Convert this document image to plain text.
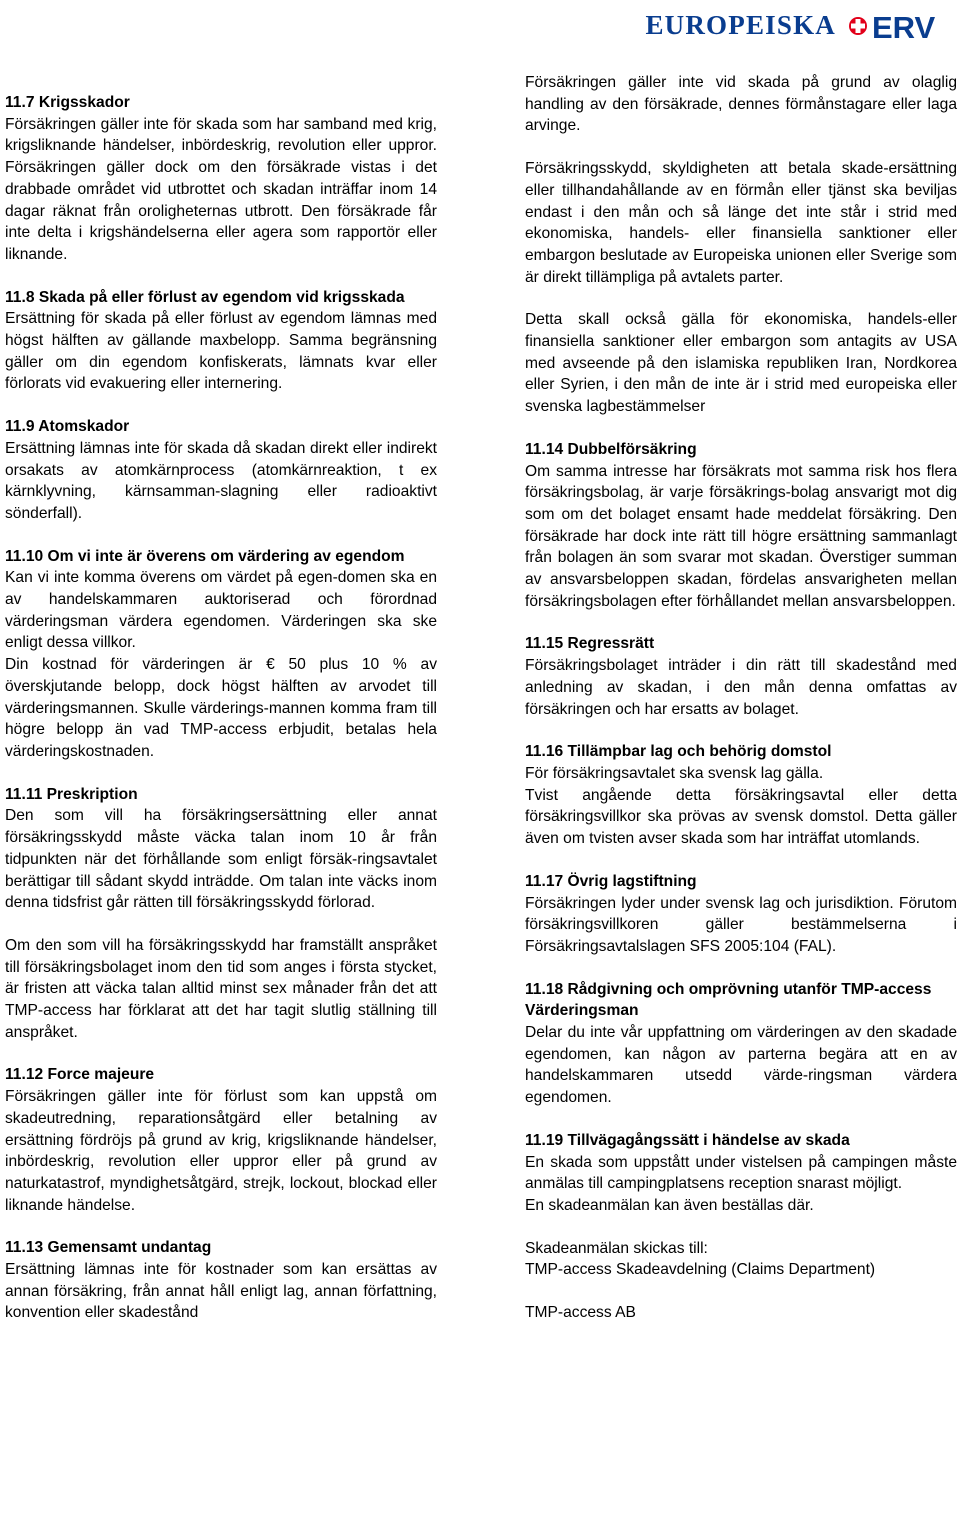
EUROPEISKA ERV

11.7 Krigsskador

Försäkringen gäller inte för skada som har samband med krig, krigsliknande händelser, inbördeskrig, revolution eller uppror. Försäkringen gäller dock om den försäkrade vistas i det drabbade området vid utbrottet och skadan inträffar inom 14 dagar räknat från oroligheternas utbrott. Den försäkrade får inte delta i krigshändelserna eller agera som rapportör eller liknande.

11.8 Skada på eller förlust av egendom vid krigsskada

Ersättning för skada på eller förlust av egendom lämnas med högst hälften av gällande maxbelopp. Samma begränsning gäller om din egendom konfiskerats, lämnats kvar eller förlorats vid evakuering eller internering.

11.9 Atomskador

Ersättning lämnas inte för skada då skadan direkt eller indirekt orsakats av atomkärnprocess (atomkärnreaktion, t ex kärnklyvning, kärnsamman-slagning eller radioaktivt sönderfall).

11.10 Om vi inte är överens om värdering av egendom

Kan vi inte komma överens om värdet på egen-domen ska en av handelskammaren auktoriserad och förordnad värderingsman värdera egendomen. Värderingen ska ske enligt dessa villkor.

Din kostnad för värderingen är € 50 plus 10 % av överskjutande belopp, dock högst hälften av arvodet till värderingsmannen. Skulle värderings-mannen komma fram till högre belopp än vad TMP-access erbjudit, betalas hela värderingskostnaden.

11.11 Preskription

Den som vill ha försäkringsersättning eller annat försäkringsskydd måste väcka talan inom 10 år från tidpunkten när det förhållande som enligt försäk-ringsavtalet berättigar till sådant skydd inträdde. Om talan inte väcks inom denna tidsfrist går rätten till försäkringsskydd förlorad.

Om den som vill ha försäkringsskydd har framställt anspråket till försäkringsbolaget inom den tid som anges i första stycket, är fristen att väcka talan alltid minst sex månader från det att TMP-access har förklarat att det har tagit slutlig ställning till anspråket.

11.12 Force majeure

Försäkringen gäller inte för förlust som kan uppstå om skadeutredning, reparationsåtgärd eller betalning av ersättning fördröjs på grund av krig, krigsliknande händelser, inbördeskrig, revolution eller uppror eller på grund av naturkatastrof, myndighetsåtgärd, strejk, lockout, blockad eller liknande händelse.

11.13 Gemensamt undantag

Ersättning lämnas inte för kostnader som kan ersättas av annan försäkring, från annat håll enligt lag, annan författning, konvention eller skadestånd

Försäkringen gäller inte vid skada på grund av olaglig handling av den försäkrade, dennes förmånstagare eller laga arvinge.

Försäkringsskydd, skyldigheten att betala skade-ersättning eller tillhandahållande av en förmån eller tjänst ska beviljas endast i den mån och så länge det inte står i strid med ekonomiska, handels- eller finansiella sanktioner eller embargon beslutade av Europeiska unionen eller Sverige som är direkt tillämpliga på avtalets parter.

Detta skall också gälla för ekonomiska, handels-eller finansiella sanktioner eller embargon som antagits av USA med avseende på den islamiska republiken Iran, Nordkorea eller Syrien, i den mån de inte är i strid med europeiska eller svenska lagbestämmelser

11.14 Dubbelförsäkring

Om samma intresse har försäkrats mot samma risk hos flera försäkringsbolag, är varje försäkrings-bolag ansvarigt mot dig som om det bolaget ensamt hade meddelat försäkring. Den försäkrade har dock inte rätt till högre ersättning sammanlagt från bolagen än som svarar mot skadan. Överstiger summan av ansvarsbeloppen skadan, fördelas ansvarigheten mellan försäkringsbolagen efter förhållandet mellan ansvarsbeloppen.

11.15 Regressrätt

Försäkringsbolaget inträder i din rätt till skadestånd med anledning av skadan, i den mån denna omfattas av försäkringen och har ersatts av bolaget.

11.16 Tillämpbar lag och behörig domstol

För försäkringsavtalet ska svensk lag gälla.

Tvist angående detta försäkringsavtal eller detta försäkringsvillkor ska prövas av svensk domstol. Detta gäller även om tvisten avser skada som har inträffat utomlands.

11.17 Övrig lagstiftning

Försäkringen lyder under svensk lag och jurisdiktion. Förutom försäkringsvillkoren gäller bestämmelserna i Försäkringsavtalslagen SFS 2005:104 (FAL).

11.18 Rådgivning och omprövning utanför TMP-access

Värderingsman

Delar du inte vår uppfattning om värderingen av den skadade egendomen, kan någon av parterna begära att en av handelskammaren utsedd värde-ringsman värdera egendomen.

11.19 Tillvägagångssätt i händelse av skada

En skada som uppstått under vistelsen på campingen måste anmälas till campingplatsens reception snarast möjligt.

En skadeanmälan kan även beställas där.

Skadeanmälan skickas till:

TMP-access Skadeavdelning (Claims Department)

TMP-access AB
